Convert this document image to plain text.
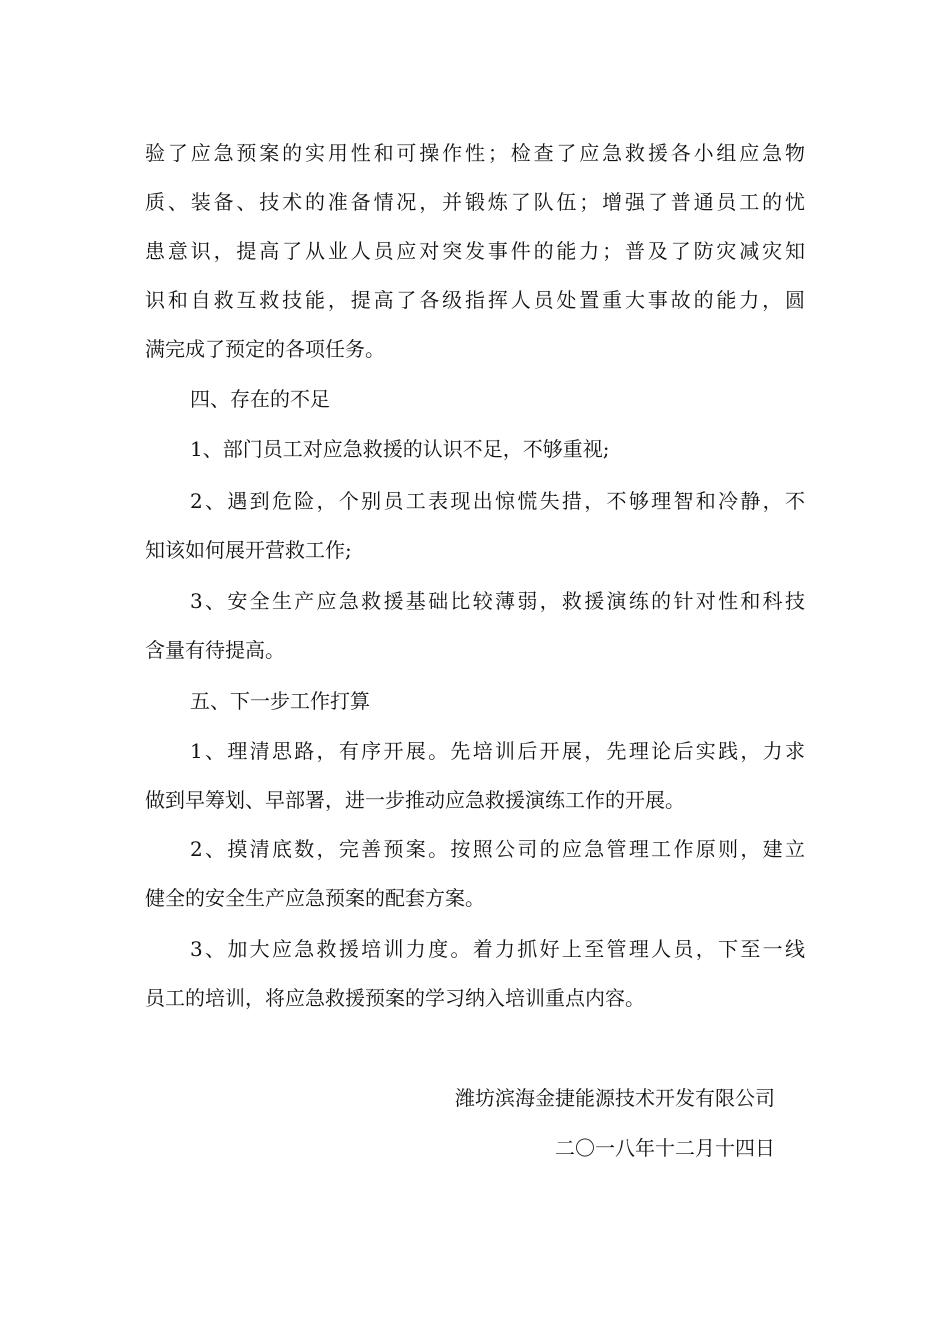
验了应急预案的实用性和可操作性；检查了应急救援各小组应急物
质、装备、技术的准备情况，并锻炼了队伍；增强了普通员工的忧
患意识，提高了从业人员应对突发事件的能力；普及了防灾减灾知
识和自救互救技能，提高了各级指挥人员处置重大事故的能力，圆
满完成了预定的各项任务。
四、存在的不足
1、部门员工对应急救援的认识不足，不够重视;
2、遇到危险，个别员工表现出惊慌失措，不够理智和冷静，不
知该如何展开营救工作;
3、安全生产应急救援基础比较薄弱，救援演练的针对性和科技
含量有待提高。
五、下一步工作打算
1、理清思路，有序开展。先培训后开展，先理论后实践，力求
做到早筹划、早部署，进一步推动应急救援演练工作的开展。
2、摸清底数，完善预案。按照公司的应急管理工作原则，建立
健全的安全生产应急预案的配套方案。
3、加大应急救援培训力度。着力抓好上至管理人员，下至一线
员工的培训，将应急救援预案的学习纳入培训重点内容。
潍坊滨海金捷能源技术开发有限公司
二〇一八年十二月十四日
